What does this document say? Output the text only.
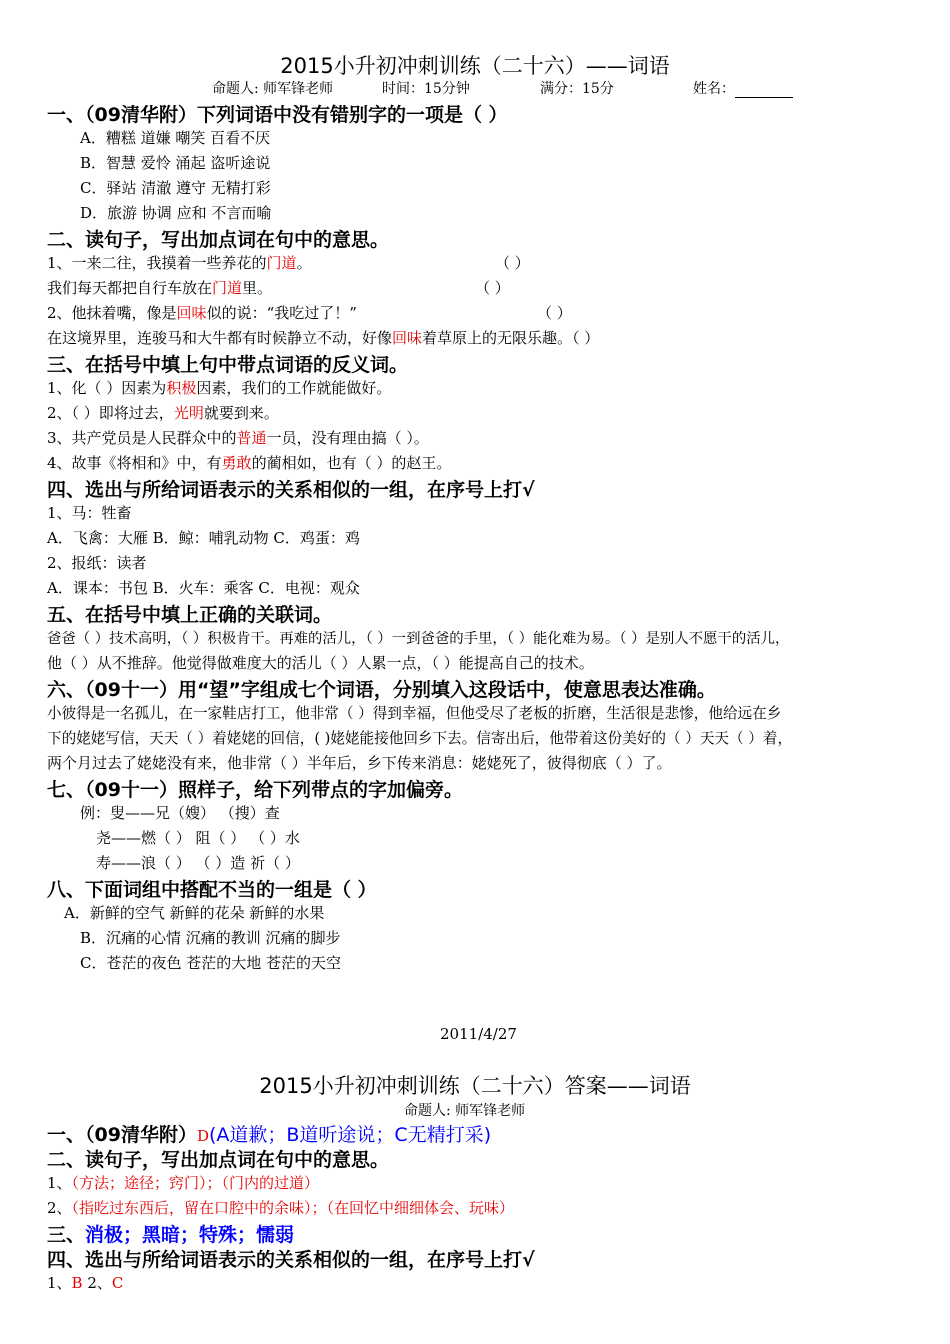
2015小升初冲刺训练（二十六）——词语
命题人: 师军锋老师	时间：15分钟	满分：15分	姓名：
一、（09清华附）下列词语中没有错别字的一项是（ ）
A．糟糕 道嫌 嘲笑 百看不厌
B．智慧 爱怜 涌起 盗听途说
C．驿站 清澈 遵守 无精打彩
D．旅游 协调 应和 不言而喻
二、读句子，写出加点词在句中的意思。
1、一来二往，我摸着一些养花的门道。	（ ）
我们每天都把自行车放在门道里。	（ ）
2、他抹着嘴，像是回味似的说：“我吃过了！”	（ ）
在这境界里，连骏马和大牛都有时候静立不动，好像回味着草原上的无限乐趣。（ ）
三、在括号中填上句中带点词语的反义词。
1、化（ ）因素为积极因素，我们的工作就能做好。
2、（ ）即将过去，光明就要到来。
3、共产党员是人民群众中的普通一员，没有理由搞（ ）。
4、故事《将相和》中，有勇敢的蔺相如，也有（ ）的赵王。
四、选出与所给词语表示的关系相似的一组，在序号上打√
1、马：牲畜
A．飞禽：大雁 B．鲸：哺乳动物 C．鸡蛋：鸡
2、报纸：读者
A．课本：书包 B．火车：乘客 C．电视：观众
五、在括号中填上正确的关联词。
爸爸（ ）技术高明，（ ）积极肯干。再难的活儿，（ ）一到爸爸的手里，（ ）能化难为易。（ ）是别人不愿干的活儿，
他（ ）从不推辞。他觉得做难度大的活儿（ ）人累一点，（ ）能提高自己的技术。
六、（09十一）用“望”字组成七个词语，分别填入这段话中，使意思表达准确。
小彼得是一名孤儿，在一家鞋店打工，他非常（ ）得到幸福，但他受尽了老板的折磨，生活很是悲惨，他给远在乡
下的姥姥写信，天天（ ）着姥姥的回信，( )姥姥能接他回乡下去。信寄出后，他带着这份美好的（ ）天天（ ）着，
两个月过去了姥姥没有来，他非常（ ）半年后，乡下传来消息：姥姥死了，彼得彻底（ ）了。
七、（09十一）照样子，给下列带点的字加偏旁。
例：叟——兄（嫂） （搜）查
尧——燃（ ） 阻（ ） （ ）水
寿——浪（ ） （ ）造 祈（ ）
八、下面词组中搭配不当的一组是（ ）
A．新鲜的空气 新鲜的花朵 新鲜的水果
B．沉痛的心情 沉痛的教训 沉痛的脚步
C．苍茫的夜色 苍茫的大地 苍茫的天空
2011/4/27
2015小升初冲刺训练（二十六）答案——词语
命题人: 师军锋老师
一、（09清华附）D(A道歉；B道听途说；C无精打采)
二、读句子，写出加点词在句中的意思。
1、（方法；途径；窍门）；（门内的过道）
2、（指吃过东西后，留在口腔中的余味）；（在回忆中细细体会、玩味）
三、消极；黑暗；特殊；懦弱
四、选出与所给词语表示的关系相似的一组，在序号上打√
1、B 2、C
